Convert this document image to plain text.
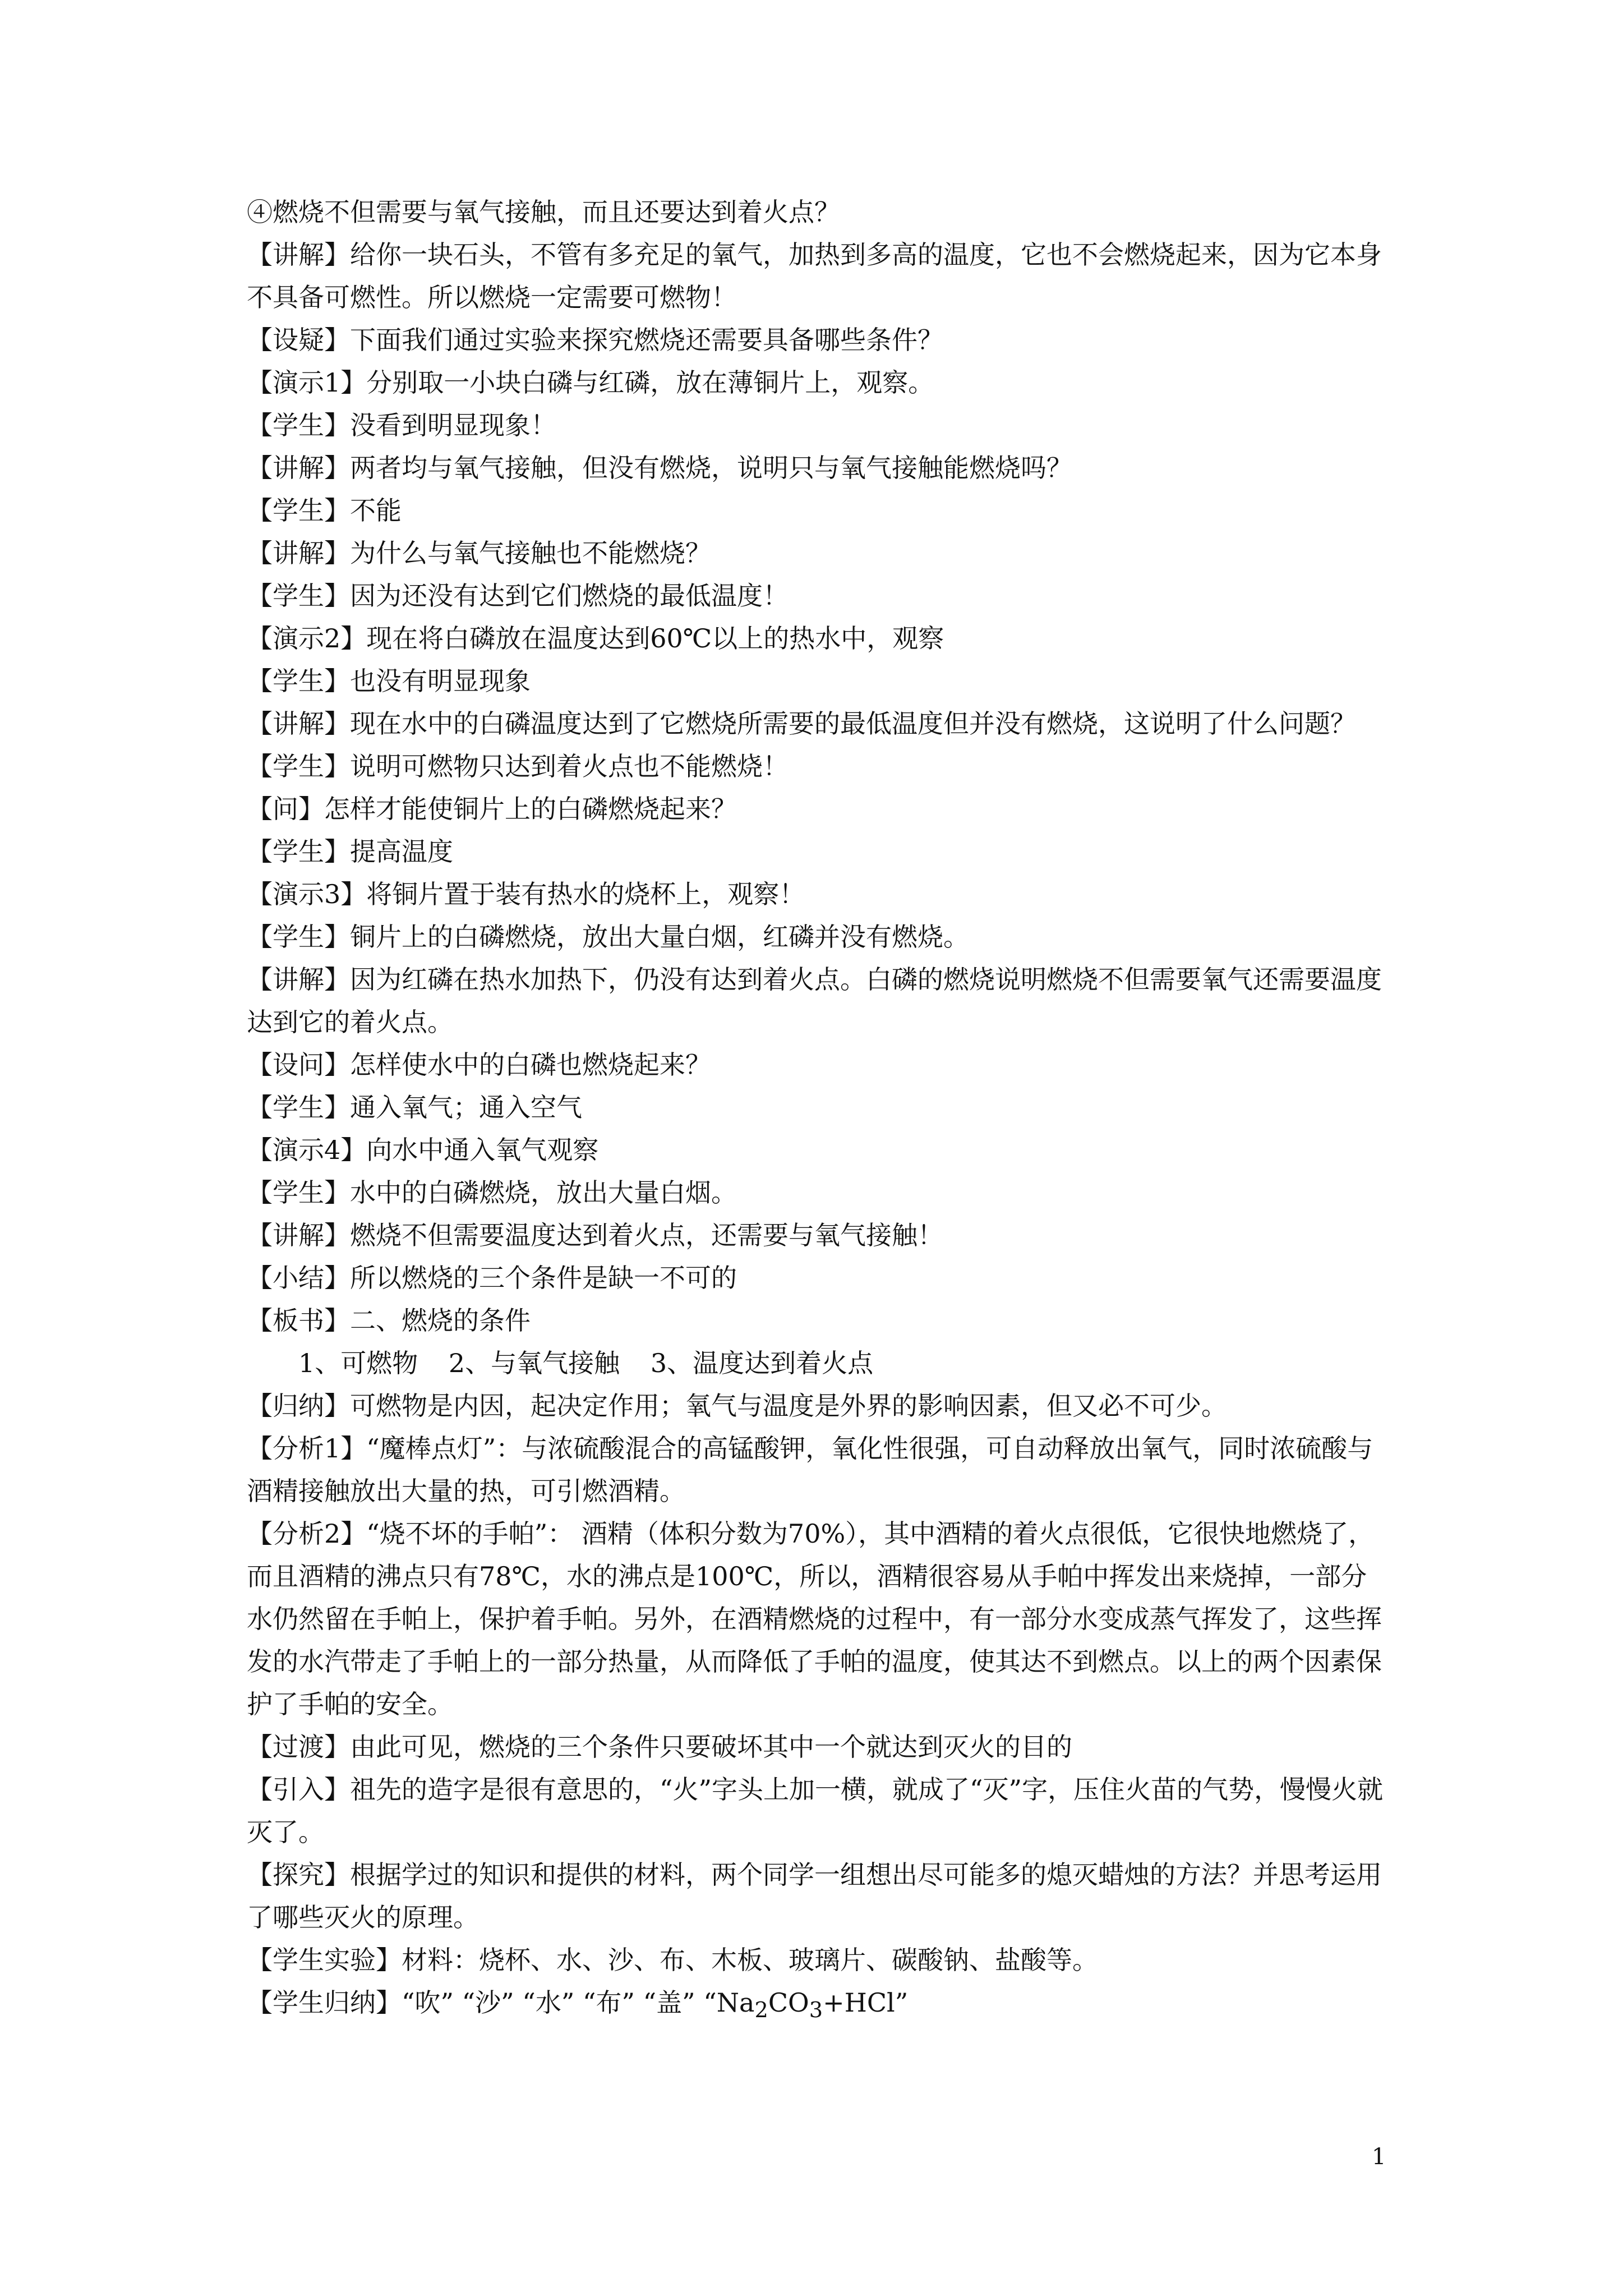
④燃烧不但需要与氧气接触，而且还要达到着火点？

【讲解】给你一块石头，不管有多充足的氧气，加热到多高的温度，它也不会燃烧起来，因为它本身不具备可燃性。所以燃烧一定需要可燃物！

【设疑】下面我们通过实验来探究燃烧还需要具备哪些条件？

【演示1】分别取一小块白磷与红磷，放在薄铜片上，观察。

【学生】没看到明显现象！

【讲解】两者均与氧气接触，但没有燃烧，说明只与氧气接触能燃烧吗？

【学生】不能

【讲解】为什么与氧气接触也不能燃烧？

【学生】因为还没有达到它们燃烧的最低温度！

【演示2】现在将白磷放在温度达到60℃以上的热水中，观察

【学生】也没有明显现象

【讲解】现在水中的白磷温度达到了它燃烧所需要的最低温度但并没有燃烧，这说明了什么问题？

【学生】说明可燃物只达到着火点也不能燃烧！

【问】怎样才能使铜片上的白磷燃烧起来？

【学生】提高温度

【演示3】将铜片置于装有热水的烧杯上，观察！

【学生】铜片上的白磷燃烧，放出大量白烟，红磷并没有燃烧。

【讲解】因为红磷在热水加热下，仍没有达到着火点。白磷的燃烧说明燃烧不但需要氧气还需要温度达到它的着火点。

【设问】怎样使水中的白磷也燃烧起来？

【学生】通入氧气；通入空气

【演示4】向水中通入氧气观察

【学生】水中的白磷燃烧，放出大量白烟。

【讲解】燃烧不但需要温度达到着火点，还需要与氧气接触！

【小结】所以燃烧的三个条件是缺一不可的

【板书】二、燃烧的条件

1、可燃物 2、与氧气接触 3、温度达到着火点

【归纳】可燃物是内因，起决定作用；氧气与温度是外界的影响因素，但又必不可少。

【分析1】“魔棒点灯”：与浓硫酸混合的高锰酸钾，氧化性很强，可自动释放出氧气，同时浓硫酸与酒精接触放出大量的热，可引燃酒精。

【分析2】“烧不坏的手帕”： 酒精（体积分数为70%），其中酒精的着火点很低，它很快地燃烧了，而且酒精的沸点只有78℃，水的沸点是100℃，所以，酒精很容易从手帕中挥发出来烧掉，一部分水仍然留在手帕上，保护着手帕。另外，在酒精燃烧的过程中，有一部分水变成蒸气挥发了，这些挥发的水汽带走了手帕上的一部分热量，从而降低了手帕的温度，使其达不到燃点。以上的两个因素保护了手帕的安全。

【过渡】由此可见，燃烧的三个条件只要破坏其中一个就达到灭火的目的

【引入】祖先的造字是很有意思的，“火”字头上加一横，就成了“灭”字，压住火苗的气势，慢慢火就灭了。

【探究】根据学过的知识和提供的材料，两个同学一组想出尽可能多的熄灭蜡烛的方法？并思考运用了哪些灭火的原理。

【学生实验】材料：烧杯、水、沙、布、木板、玻璃片、碳酸钠、盐酸等。

【学生归纳】“吹” “沙” “水” “布” “盖” “$Na_2CO_3+HCl$”

1
